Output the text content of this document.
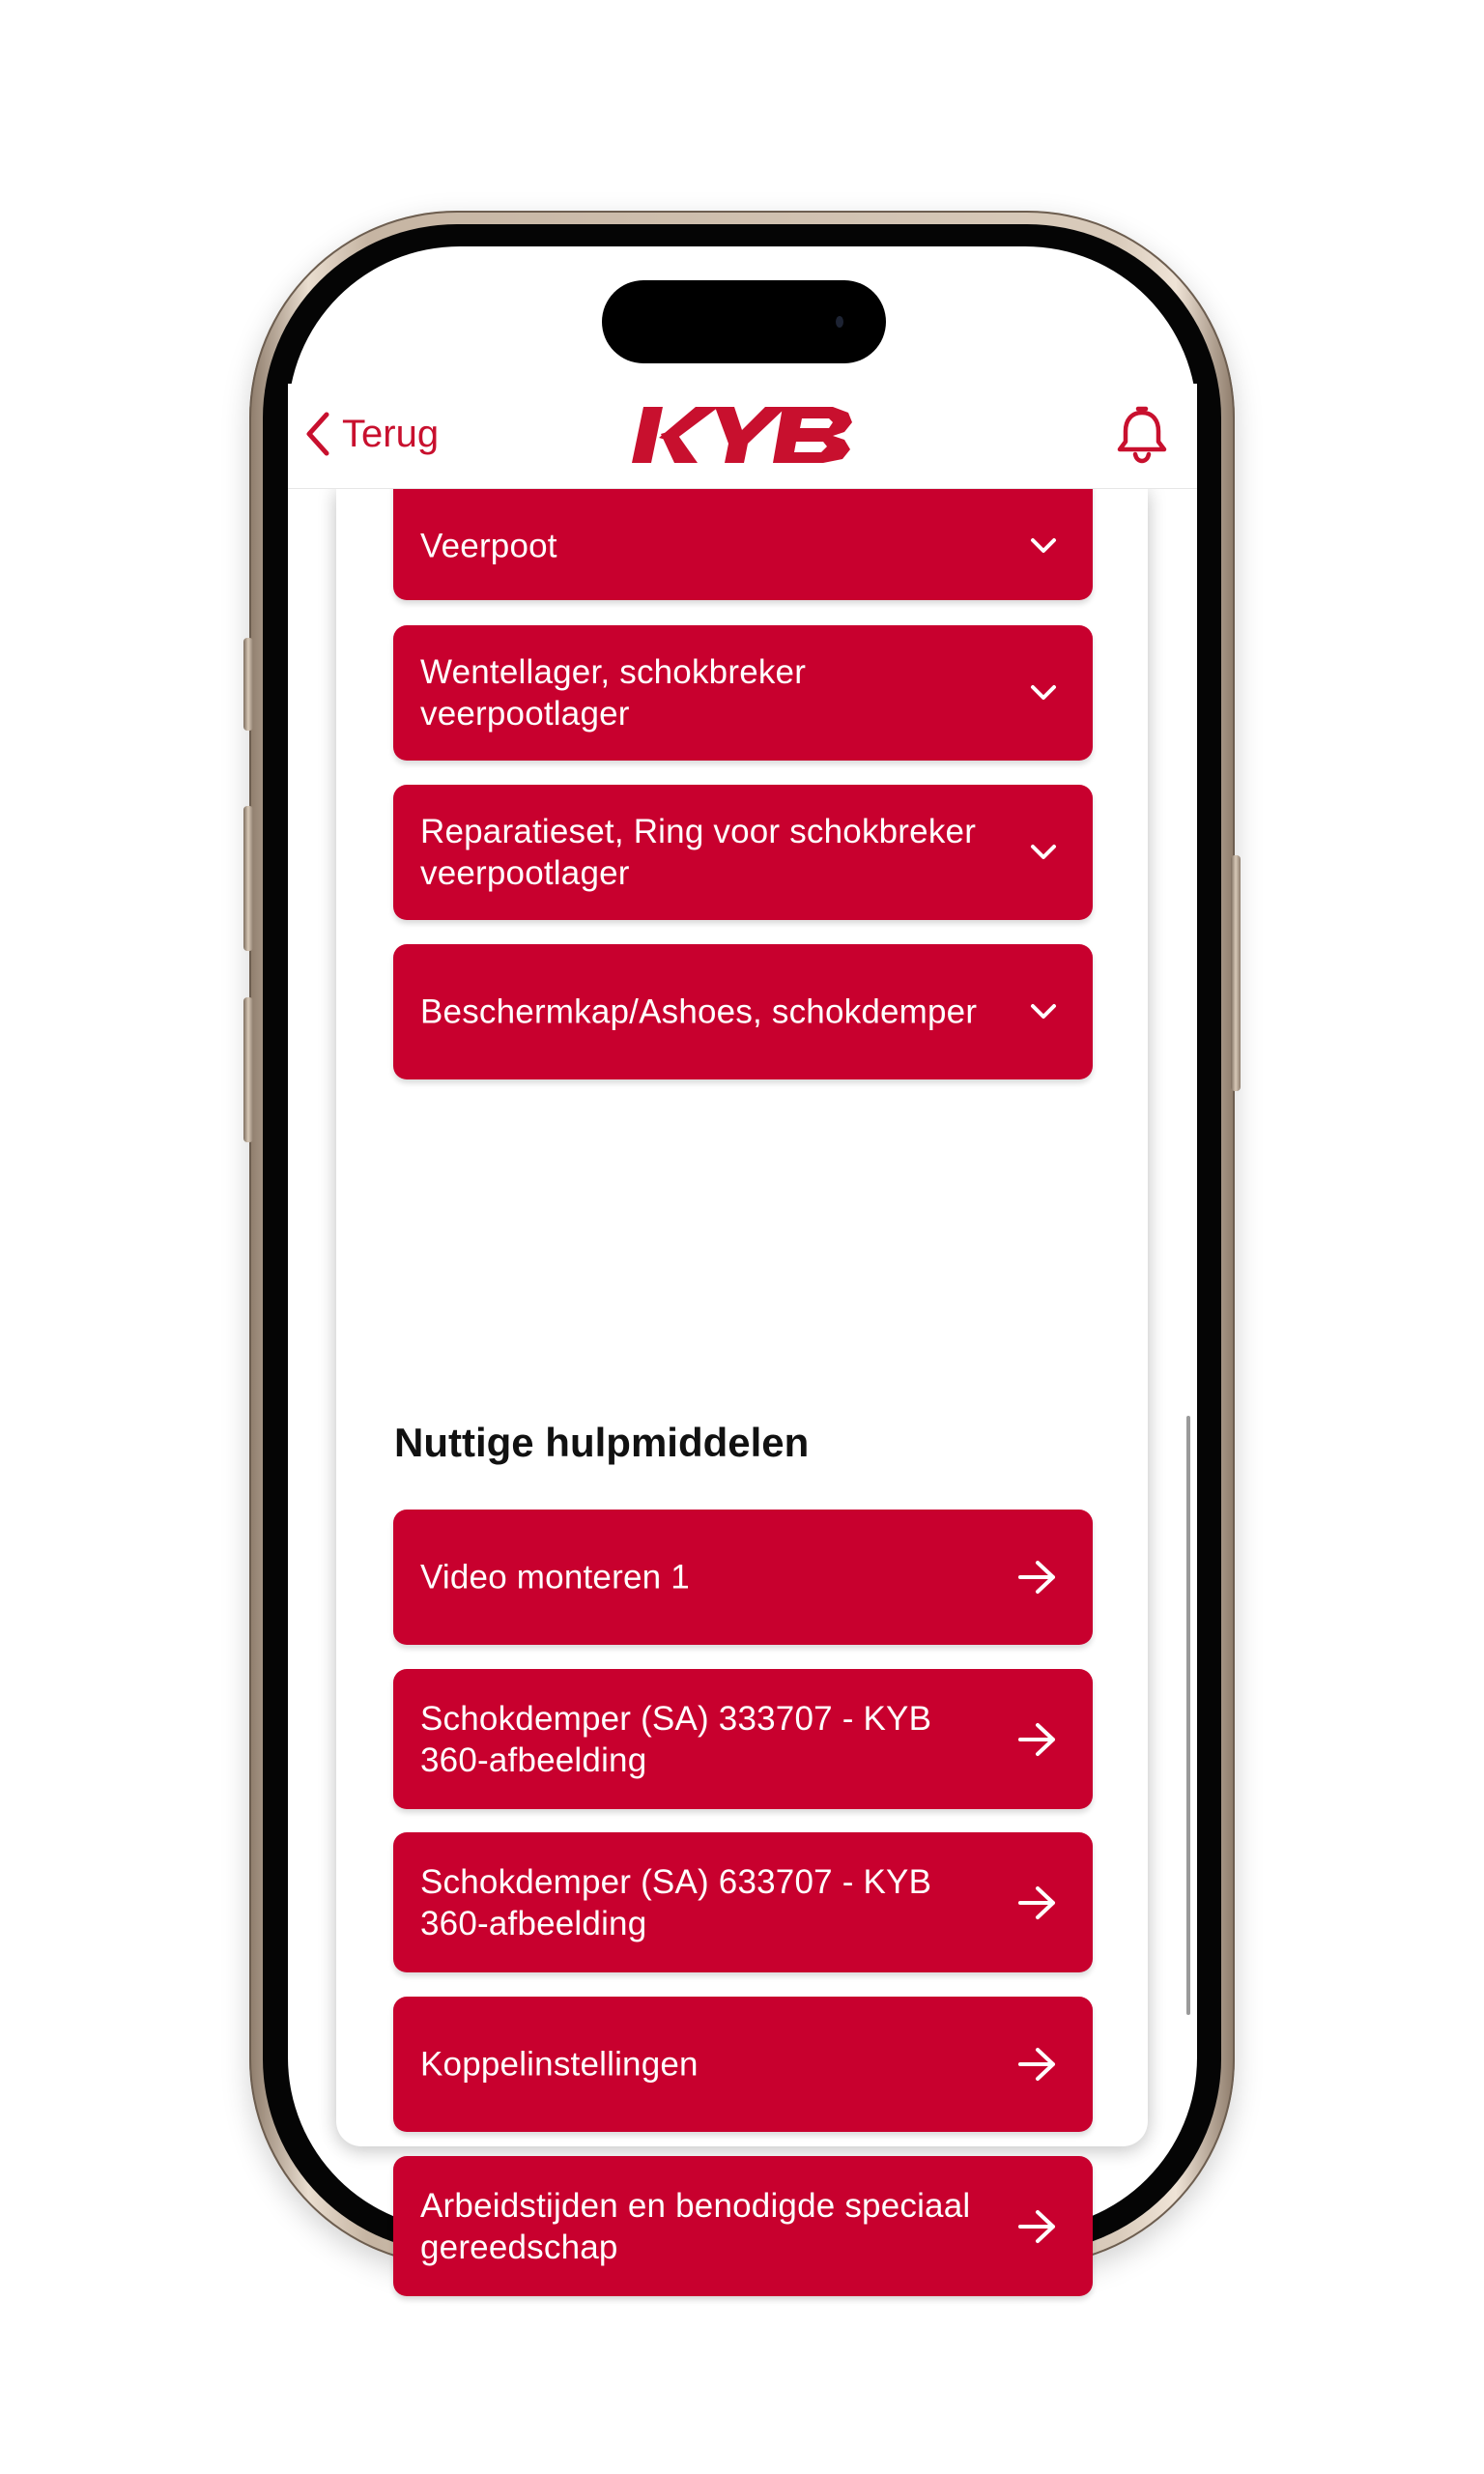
Terug
Veerpoot
Wentellager, schokbreker veerpootlager
Reparatieset, Ring voor schokbreker veerpootlager
Beschermkap/Ashoes, schokdemper
Nuttige hulpmiddelen
Video monteren 1
Schokdemper (SA) 333707 - KYB 360-afbeelding
Schokdemper (SA) 633707 - KYB 360-afbeelding
Koppelinstellingen
Arbeidstijden en benodigde speciaal gereedschap
